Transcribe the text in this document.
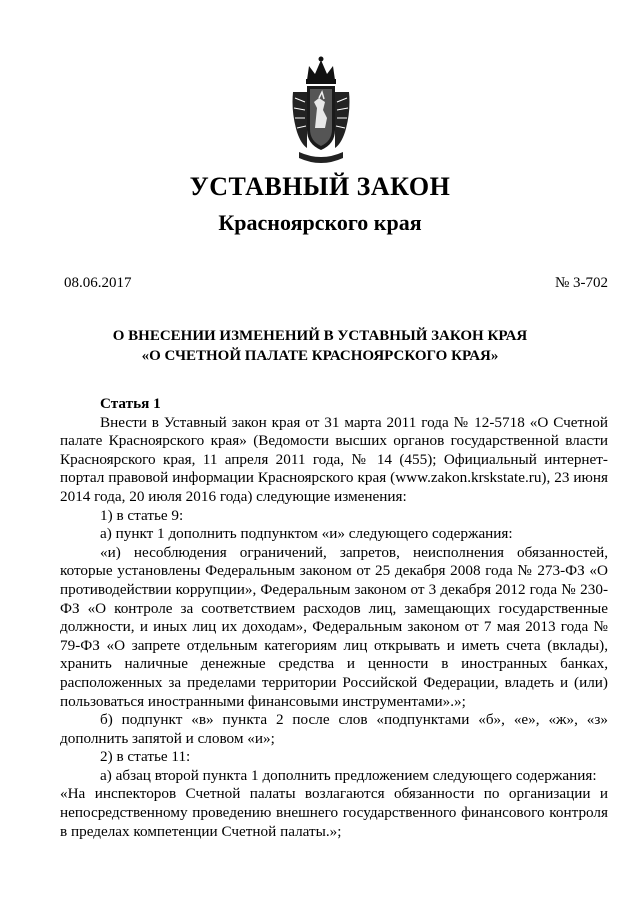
УСТАВНЫЙ ЗАКОН
Красноярского края
08.06.2017	№ 3-702
О ВНЕСЕНИИ ИЗМЕНЕНИЙ В УСТАВНЫЙ ЗАКОН КРАЯ
«О СЧЕТНОЙ ПАЛАТЕ КРАСНОЯРСКОГО КРАЯ»

Статья 1

Внести в Уставный закон края от 31 марта 2011 года № 12-5718 «О Счетной палате Красноярского края» (Ведомости высших органов государственной власти Красноярского края, 11 апреля 2011 года, № 14 (455); Официальный интернет-портал правовой информации Красноярского края (www.zakon.krskstate.ru), 23 июня 2014 года, 20 июля 2016 года) следующие изменения:

1) в статье 9:

а) пункт 1 дополнить подпунктом «и» следующего содержания:

«и) несоблюдения ограничений, запретов, неисполнения обязанностей, которые установлены Федеральным законом от 25 декабря 2008 года № 273-ФЗ «О противодействии коррупции», Федеральным законом от 3 декабря 2012 года № 230-ФЗ «О контроле за соответствием расходов лиц, замещающих государственные должности, и иных лиц их доходам», Федеральным законом от 7 мая 2013 года № 79-ФЗ «О запрете отдельным категориям лиц открывать и иметь счета (вклады), хранить наличные денежные средства и ценности в иностранных банках, расположенных за пределами территории Российской Федерации, владеть и (или) пользоваться иностранными финансовыми инструментами».»;

б) подпункт «в» пункта 2 после слов «подпунктами «б», «е», «ж», «з» дополнить запятой и словом «и»;

2) в статье 11:

а) абзац второй пункта 1 дополнить предложением следующего содержания:

«На инспекторов Счетной палаты возлагаются обязанности по организации и непосредственному проведению внешнего государственного финансового контроля в пределах компетенции Счетной палаты.»;
